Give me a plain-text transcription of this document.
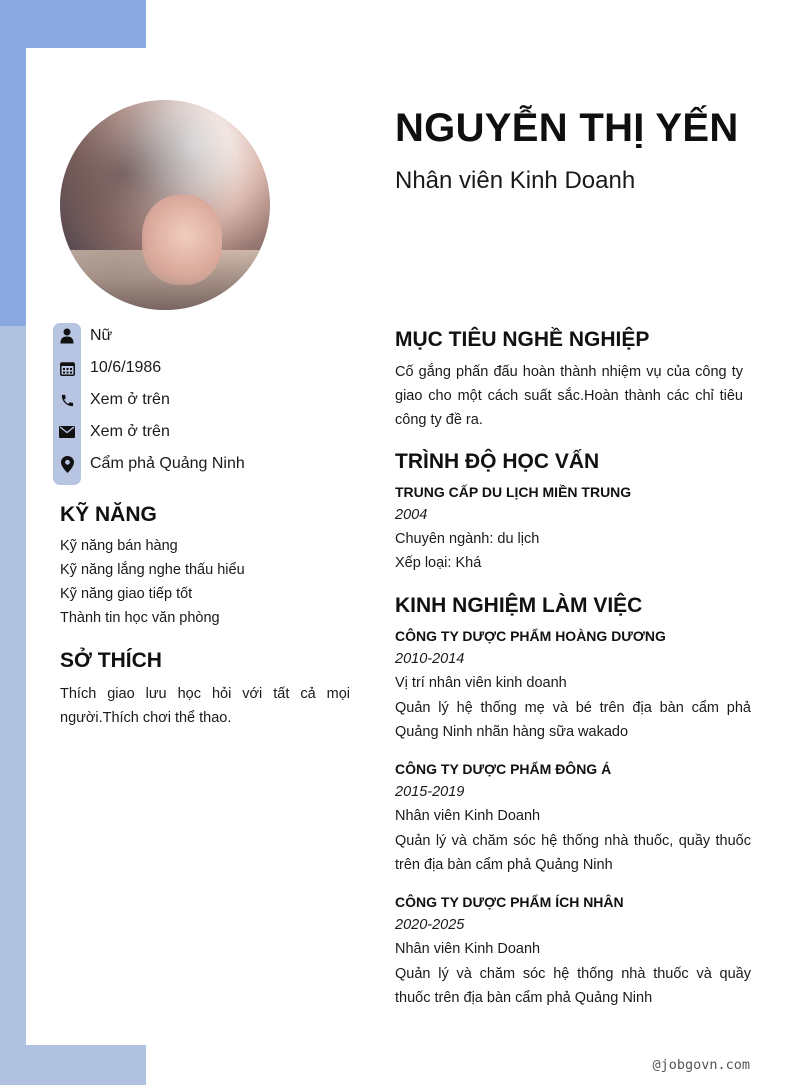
NGUYỄN THỊ YẾN
Nhân viên Kinh Doanh
Nữ
10/6/1986
Xem ở trên
Xem ở trên
Cẩm phả Quảng Ninh
KỸ NĂNG
Kỹ năng bán hàng
Kỹ năng lắng nghe thấu hiểu
Kỹ năng giao tiếp tốt
Thành tin học văn phòng
SỞ THÍCH
Thích giao lưu học hỏi với tất cả mọi người.Thích chơi thể thao.
MỤC TIÊU NGHỀ NGHIỆP
Cố gắng phấn đấu hoàn thành nhiệm vụ của công ty giao cho một cách suất sắc.Hoàn thành các chỉ tiêu công ty đề ra.
TRÌNH ĐỘ HỌC VẤN
TRUNG CẤP DU LỊCH MIỀN TRUNG
2004
Chuyên ngành: du lịch
Xếp loại: Khá
KINH NGHIỆM LÀM VIỆC
CÔNG TY DƯỢC PHẨM HOÀNG DƯƠNG
2010-2014
Vị trí nhân viên kinh doanh
Quản lý hệ thống mẹ và bé trên địa bàn cẩm phả Quảng Ninh nhãn hàng sữa wakado
CÔNG TY DƯỢC PHẨM ĐÔNG Á
2015-2019
Nhân viên Kinh Doanh
Quản lý và chăm sóc hệ thống nhà thuốc, quầy thuốc trên địa bàn cẩm phả Quảng Ninh
CÔNG TY DƯỢC PHẨM ÍCH NHÂN
2020-2025
Nhân viên Kinh Doanh
Quản lý và chăm sóc hệ thống nhà thuốc và quầy thuốc trên địa bàn cẩm phả Quảng Ninh
@jobgovn.com
